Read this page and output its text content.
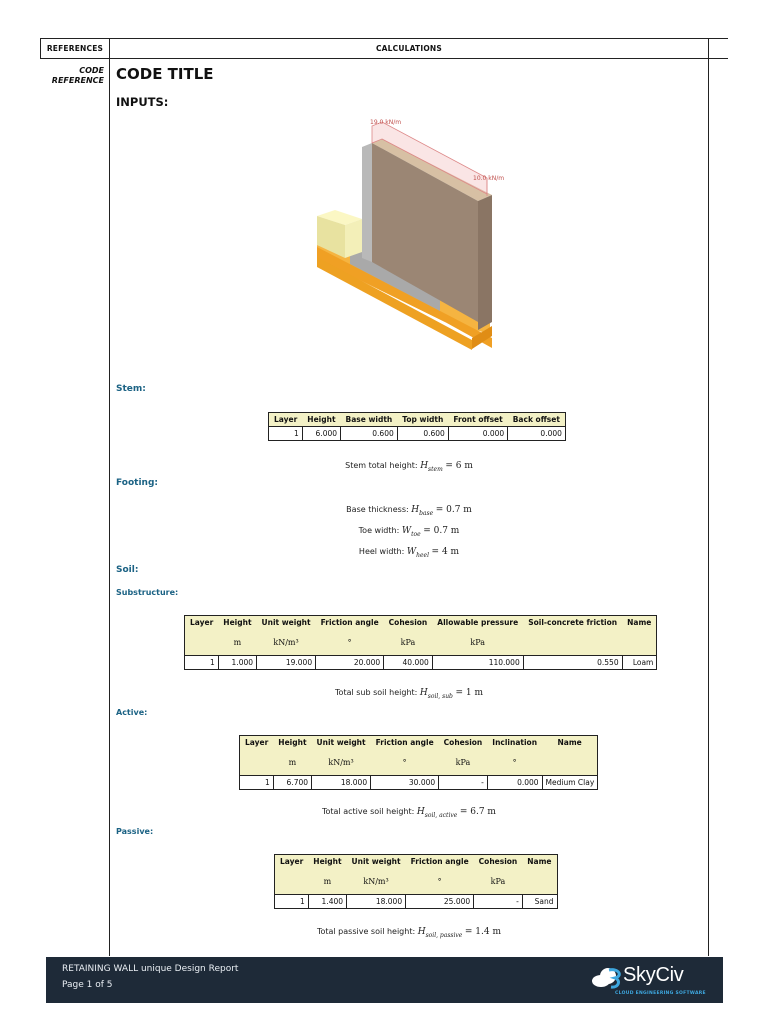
REFERENCES	CALCULATIONS
CODE
REFERENCE CODE TITLE
INPUTS:
19.0 kN/m
10.0 kN/m
Stem:
Layer	Height	Base width	Top width	Front offset	Back offset
1	6.000	0.600	0.600	0.000	0.000
Stem total height: $H_{stem} = 6$ m
Footing:
Base thickness: $H_{base} = 0.7$ m
Toe width: $W_{toe} = 0.7$ m
Heel width: $W_{heel} = 4$ m
Soil:
Substructure:
Layer	Height	Unit weight	Friction angle	Cohesion	Allowable pressure	Soil-concrete friction	Name
	m	kN/m³	°	kPa	kPa		
1	1.000	19.000	20.000	40.000	110.000	0.550	Loam
Total sub soil height: $H_{soil, sub} = 1$ m
Active:
Layer	Height	Unit weight	Friction angle	Cohesion	Inclination	Name
	m	kN/m³	°	kPa	°	
1	6.700	18.000	30.000	-	0.000	Medium Clay
Total active soil height: $H_{soil, active} = 6.7$ m
Passive:
Layer	Height	Unit weight	Friction angle	Cohesion	Name
	m	kN/m³	°	kPa	
1	1.400	18.000	25.000	-	Sand
Total passive soil height: $H_{soil, passive} = 1.4$ m
RETAINING WALL unique Design Report
Page 1 of 5	SkyCiv
CLOUD ENGINEERING SOFTWARE
